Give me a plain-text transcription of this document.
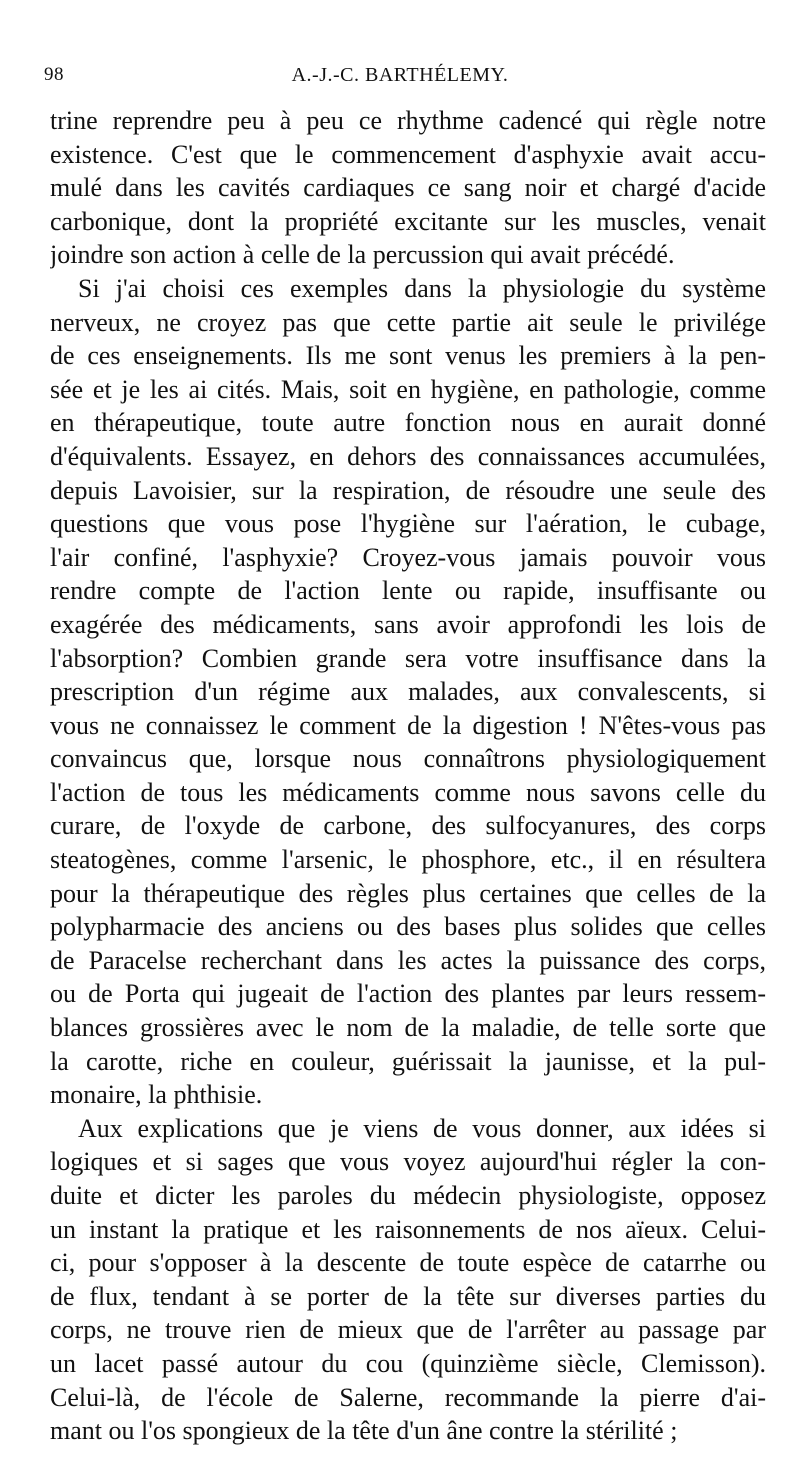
98	A.-J.-C. BARTHÉLEMY.
trine reprendre peu à peu ce rhythme cadencé qui règle notre
existence. C'est que le commencement d'asphyxie avait accu-
mulé dans les cavités cardiaques ce sang noir et chargé d'acide
carbonique, dont la propriété excitante sur les muscles, venait
joindre son action à celle de la percussion qui avait précédé.
Si j'ai choisi ces exemples dans la physiologie du système
nerveux, ne croyez pas que cette partie ait seule le privilége
de ces enseignements. Ils me sont venus les premiers à la pen-
sée et je les ai cités. Mais, soit en hygiène, en pathologie, comme
en thérapeutique, toute autre fonction nous en aurait donné
d'équivalents. Essayez, en dehors des connaissances accumulées,
depuis Lavoisier, sur la respiration, de résoudre une seule des
questions que vous pose l'hygiène sur l'aération, le cubage,
l'air confiné, l'asphyxie? Croyez-vous jamais pouvoir vous
rendre compte de l'action lente ou rapide, insuffisante ou
exagérée des médicaments, sans avoir approfondi les lois de
l'absorption? Combien grande sera votre insuffisance dans la
prescription d'un régime aux malades, aux convalescents, si
vous ne connaissez le comment de la digestion ! N'êtes-vous pas
convaincus que, lorsque nous connaîtrons physiologiquement
l'action de tous les médicaments comme nous savons celle du
curare, de l'oxyde de carbone, des sulfocyanures, des corps
steatogènes, comme l'arsenic, le phosphore, etc., il en résultera
pour la thérapeutique des règles plus certaines que celles de la
polypharmacie des anciens ou des bases plus solides que celles
de Paracelse recherchant dans les actes la puissance des corps,
ou de Porta qui jugeait de l'action des plantes par leurs ressem-
blances grossières avec le nom de la maladie, de telle sorte que
la carotte, riche en couleur, guérissait la jaunisse, et la pul-
monaire, la phthisie.
Aux explications que je viens de vous donner, aux idées si
logiques et si sages que vous voyez aujourd'hui régler la con-
duite et dicter les paroles du médecin physiologiste, opposez
un instant la pratique et les raisonnements de nos aïeux. Celui-
ci, pour s'opposer à la descente de toute espèce de catarrhe ou
de flux, tendant à se porter de la tête sur diverses parties du
corps, ne trouve rien de mieux que de l'arrêter au passage par
un lacet passé autour du cou (quinzième siècle, Clemisson).
Celui-là, de l'école de Salerne, recommande la pierre d'ai-
mant ou l'os spongieux de la tête d'un âne contre la stérilité ;
